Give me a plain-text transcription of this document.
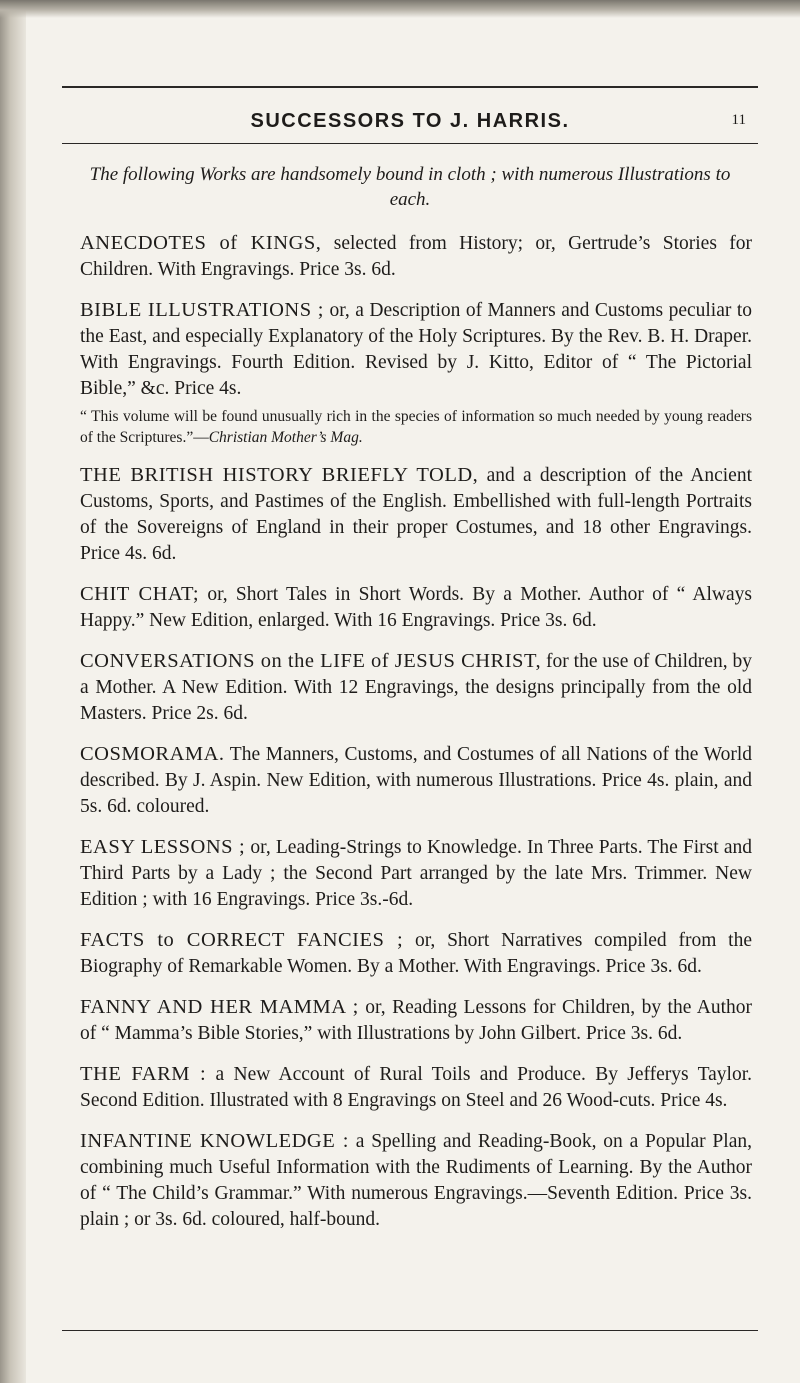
SUCCESSORS TO J. HARRIS.	11
The following Works are handsomely bound in cloth ; with numerous Illustrations to each.

ANECDOTES of KINGS, selected from History; or, Gertrude’s Stories for Children. With Engravings. Price 3s. 6d.

BIBLE ILLUSTRATIONS ; or, a Description of Manners and Customs peculiar to the East, and especially Explanatory of the Holy Scriptures. By the Rev. B. H. Draper. With Engravings. Fourth Edition. Revised by J. Kitto, Editor of “ The Pictorial Bible,” &c. Price 4s.

“ This volume will be found unusually rich in the species of information so much needed by young readers of the Scriptures.”—Christian Mother’s Mag.

THE BRITISH HISTORY BRIEFLY TOLD, and a description of the Ancient Customs, Sports, and Pastimes of the English. Embellished with full-length Portraits of the Sovereigns of England in their proper Costumes, and 18 other Engravings. Price 4s. 6d.

CHIT CHAT; or, Short Tales in Short Words. By a Mother. Author of “ Always Happy.” New Edition, enlarged. With 16 Engravings. Price 3s. 6d.

CONVERSATIONS on the LIFE of JESUS CHRIST, for the use of Children, by a Mother. A New Edition. With 12 Engravings, the designs principally from the old Masters. Price 2s. 6d.

COSMORAMA. The Manners, Customs, and Costumes of all Nations of the World described. By J. Aspin. New Edition, with numerous Illustrations. Price 4s. plain, and 5s. 6d. coloured.

EASY LESSONS ; or, Leading-Strings to Knowledge. In Three Parts. The First and Third Parts by a Lady ; the Second Part arranged by the late Mrs. Trimmer. New Edition ; with 16 Engravings. Price 3s.-6d.

FACTS to CORRECT FANCIES ; or, Short Narratives compiled from the Biography of Remarkable Women. By a Mother. With Engravings. Price 3s. 6d.

FANNY AND HER MAMMA ; or, Reading Lessons for Children, by the Author of “ Mamma’s Bible Stories,” with Illustrations by John Gilbert. Price 3s. 6d.

THE FARM : a New Account of Rural Toils and Produce. By Jefferys Taylor. Second Edition. Illustrated with 8 Engravings on Steel and 26 Wood-cuts. Price 4s.

INFANTINE KNOWLEDGE : a Spelling and Reading-Book, on a Popular Plan, combining much Useful Information with the Rudiments of Learning. By the Author of “ The Child’s Grammar.” With numerous Engravings.—Seventh Edition. Price 3s. plain ; or 3s. 6d. coloured, half-bound.
